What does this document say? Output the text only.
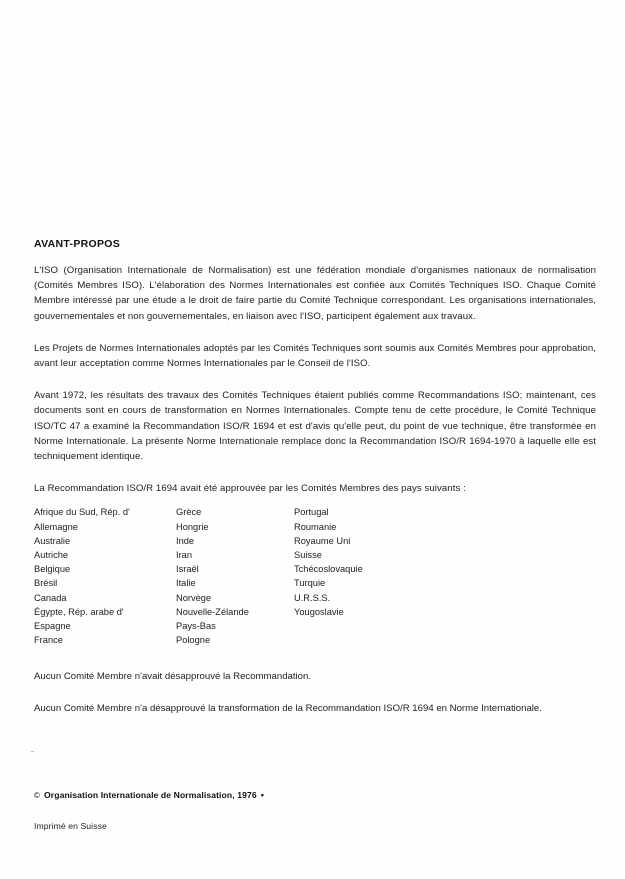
AVANT-PROPOS

L'ISO (Organisation Internationale de Normalisation) est une fédération mondiale d'organismes nationaux de normalisation (Comités Membres ISO). L'élaboration des Normes Internationales est confiée aux Comités Techniques ISO. Chaque Comité Membre intéressé par une étude a le droit de faire partie du Comité Technique correspondant. Les organisations internationales, gouvernementales et non gouvernementales, en liaison avec l'ISO, participent également aux travaux.

Les Projets de Normes Internationales adoptés par les Comités Techniques sont soumis aux Comités Membres pour approbation, avant leur acceptation comme Normes Internationales par le Conseil de l'ISO.

Avant 1972, les résultats des travaux des Comités Techniques étaient publiés comme Recommandations ISO; maintenant, ces documents sont en cours de transformation en Normes Internationales. Compte tenu de cette procédure, le Comité Technique ISO/TC 47 a examiné la Recommandation ISO/R 1694 et est d'avis qu'elle peut, du point de vue technique, être transformée en Norme Internationale. La présente Norme Internationale remplace donc la Recommandation ISO/R 1694-1970 à laquelle elle est techniquement identique.

La Recommandation ISO/R 1694 avait été approuvée par les Comités Membres des pays suivants :

Afrique du Sud, Rép. d'	Grèce	Portugal
Allemagne	Hongrie	Roumanie
Australie	Inde	Royaume Uni
Autriche	Iran	Suisse
Belgique	Israël	Tchécoslovaquie
Brésil	Italie	Turquie
Canada	Norvège	U.R.S.S.
Égypte, Rép. arabe d'	Nouvelle-Zélande	Yougoslavie
Espagne	Pays-Bas	
France	Pologne	

Aucun Comité Membre n'avait désapprouvé la Recommandation.

Aucun Comité Membre n'a désapprouvé la transformation de la Recommandation ISO/R 1694 en Norme Internationale.

© Organisation Internationale de Normalisation, 1976 •
Imprimé en Suisse
